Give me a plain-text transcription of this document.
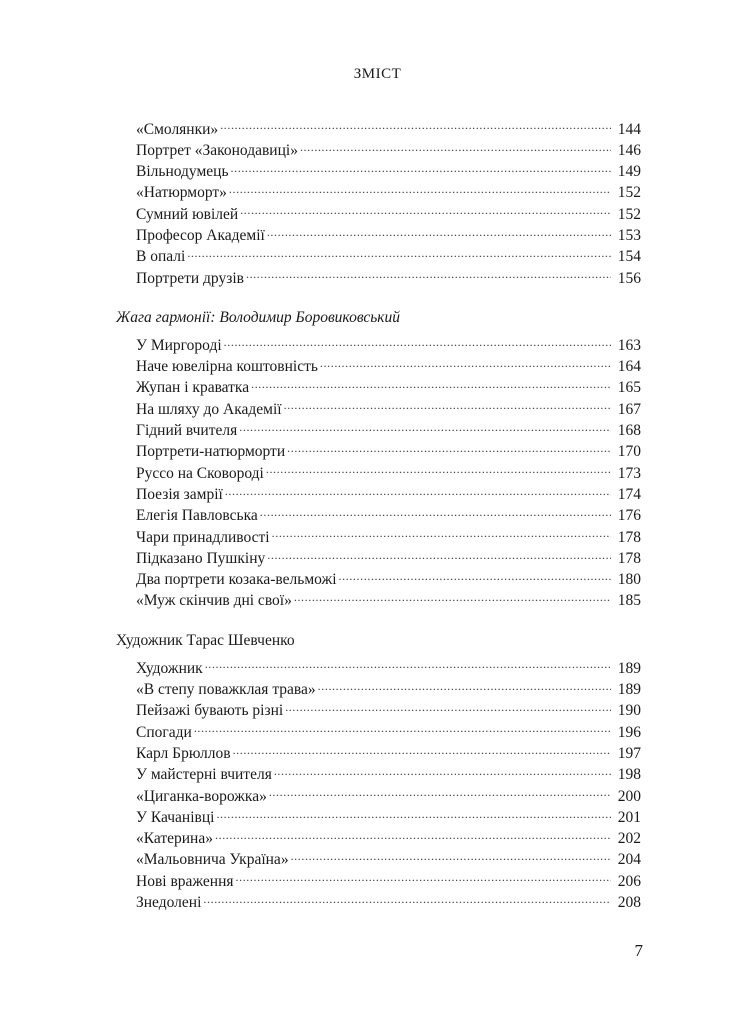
ЗМІСТ
«Смолянки» .....	144
Портрет «Законодавиці» .....	146
Вільнодумець .....	149
«Натюрморт» .....	152
Сумний ювілей .....	152
Професор Академії .....	153
В опалі .....	154
Портрети друзів .....	156
Жага гармонії: Володимир Боровиковський
У Миргороді .....	163
Наче ювелірна коштовність .....	164
Жупан і краватка .....	165
На шляху до Академії .....	167
Гідний вчителя .....	168
Портрети-натюрморти .....	170
Руссо на Сковороді .....	173
Поезія замрії .....	174
Елегія Павловська .....	176
Чари принадливості .....	178
Підказано Пушкіну .....	178
Два портрети козака-вельможі .....	180
«Муж скінчив дні свої» .....	185
Художник Тарас Шевченко
Художник .....	189
«В степу поважклая трава» .....	189
Пейзажі бувають різні .....	190
Спогади .....	196
Карл Брюллов .....	197
У майстерні вчителя .....	198
«Циганка-ворожка» .....	200
У Качанівці .....	201
«Катерина» .....	202
«Мальовнича Україна» .....	204
Нові враження .....	206
Знедолені .....	208
7
